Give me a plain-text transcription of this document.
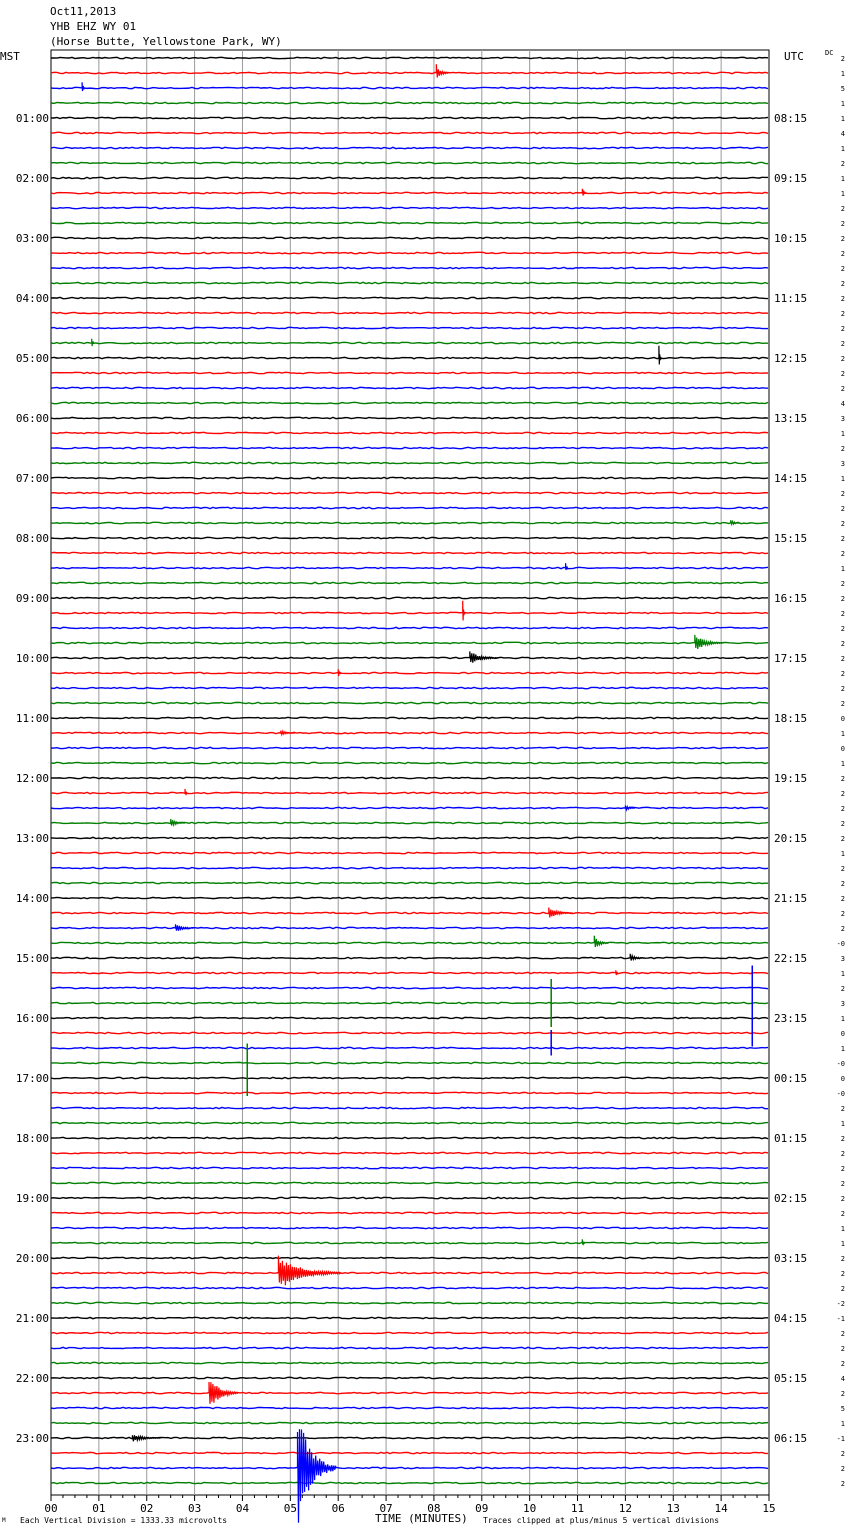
Oct11,2013
YHB EHZ WY 01
(Horse Butte, Yellowstone Park, WY)
MST	UTC	DC
01:00
02:00
03:00
04:00
05:00
06:00
07:00
08:00
09:00
10:00
11:00
12:00
13:00
14:00
15:00
16:00
17:00
18:00
19:00
20:00
21:00
22:00
23:00
08:15
09:15
10:15
11:15
12:15
13:15
14:15
15:15
16:15
17:15
18:15
19:15
20:15
21:15
22:15
23:15
00:15
01:15
02:15
03:15
04:15
05:15
06:15
2
1
5
1
1
4
1
2
1
1
2
2
2
2
2
2
2
2
2
2
2
2
2
4
3
1
2
3
1
2
2
2
2
2
1
2
2
2
2
2
2
2
2
2
0
1
0
1
2
2
2
2
2
1
2
2
2
2
2
-0
3
1
2
3
1
0
1
-0
0
-0
2
1
2
2
2
2
2
2
1
1
2
2
2
-2
-1
2
2
2
4
2
5
1
-1
2
2
2
00	01	02	03	04	05	06	07	08	09	10	11	12	13	14	15
TIME (MINUTES)
Each Vertical Division = 1333.33 microvolts	Traces clipped at plus/minus 5 vertical divisions
M
